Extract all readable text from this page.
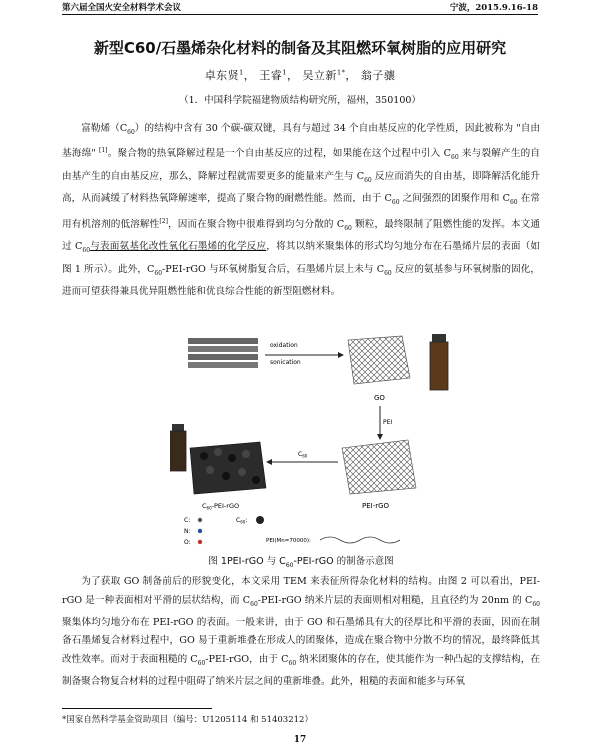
第六届全国火安全材料学术会议	宁波，2015.9.16-18
新型C60/石墨烯杂化材料的制备及其阻燃环氧树脂的应用研究
卓东贤$^1$， 王睿$^1$， 吴立新$^{1*}$， 翁子骧
（1．中国科学院福建物质结构研究所，福州，350100）
富勒烯$(C_{60})$的结构中含有 30 个碳-碳双键，具有与超过 34 个自由基反应的化学性质，因此被称为 "自由基海绵" [1]。聚合物的热氧降解过程是一个自由基反应的过程，如果能在这个过程中引入 $C_{60}$ 来与裂解产生的自由基产生的自由基反应，那么，降解过程就需要更多的能量来产生与 $C_{60}$ 反应而消失的自由基，即降解活化能升高，从而减缓了材料热氧降解速率，提高了聚合物的耐燃性能。然而，由于 $C_{60}$ 之间强烈的团聚作用和 $C_{60}$ 在常用有机溶剂的低溶解性[2]，因而在聚合物中很难得到均匀分散的 $C_{60}$ 颗粒，最终限制了阻燃性能的发挥。本文通过 $C_{60}$与表面氨基化改性氧化石墨烯的化学反应，将其以纳米聚集体的形式均匀地分布在石墨烯片层的表面（如图 1 所示）。此外，$C_{60}-PEI$-rGO 与环氧树脂复合后，石墨烯片层上未与 $C_{60}$ 反应的氨基参与环氧树脂的固化，进而可望获得兼具优异阻燃性能和优良综合性能的新型阻燃材料。
oxidation
sonication
GO
PEI
PEI-rGO
$C_{60}$
$C_{60}-PEI$-rGO
C:
N:
O:
$C_{60}$:
PEI(Mn=70000):
图 1PEI-rGO 与 $C_{60}-PEI$-rGO 的制备示意图
为了获取 GO 制备前后的形貌变化，本文采用 TEM 来表征所得杂化材料的结构。由图 2 可以看出，PEI-rGO 是一种表面相对平滑的层状结构，而 $C_{60}-PEI$-rGO 纳米片层的表面则相对粗糙，且直径约为 20nm 的 $C_{60}$ 聚集体均匀地分布在 PEI-rGO 的表面。一般来讲，由于 GO 和石墨烯具有大的径厚比和平滑的表面，因而在制备石墨烯复合材料过程中，GO 易于重新堆叠在形成人的团聚体，造成在聚合物中分散不均的情况，最终降低其改性效率。而对于表面粗糙的 $C_{60}-PEI$-rGO，由于 $C_{60}$ 纳米团聚体的存在，使其能作为一种凸起的支撑结构，在制备聚合物复合材料的过程中阻碍了纳米片层之间的重新堆叠。此外，粗糙的表面和能多与环氧
*国家自然科学基金资助项目（编号：U1205114 和 51403212）
17
